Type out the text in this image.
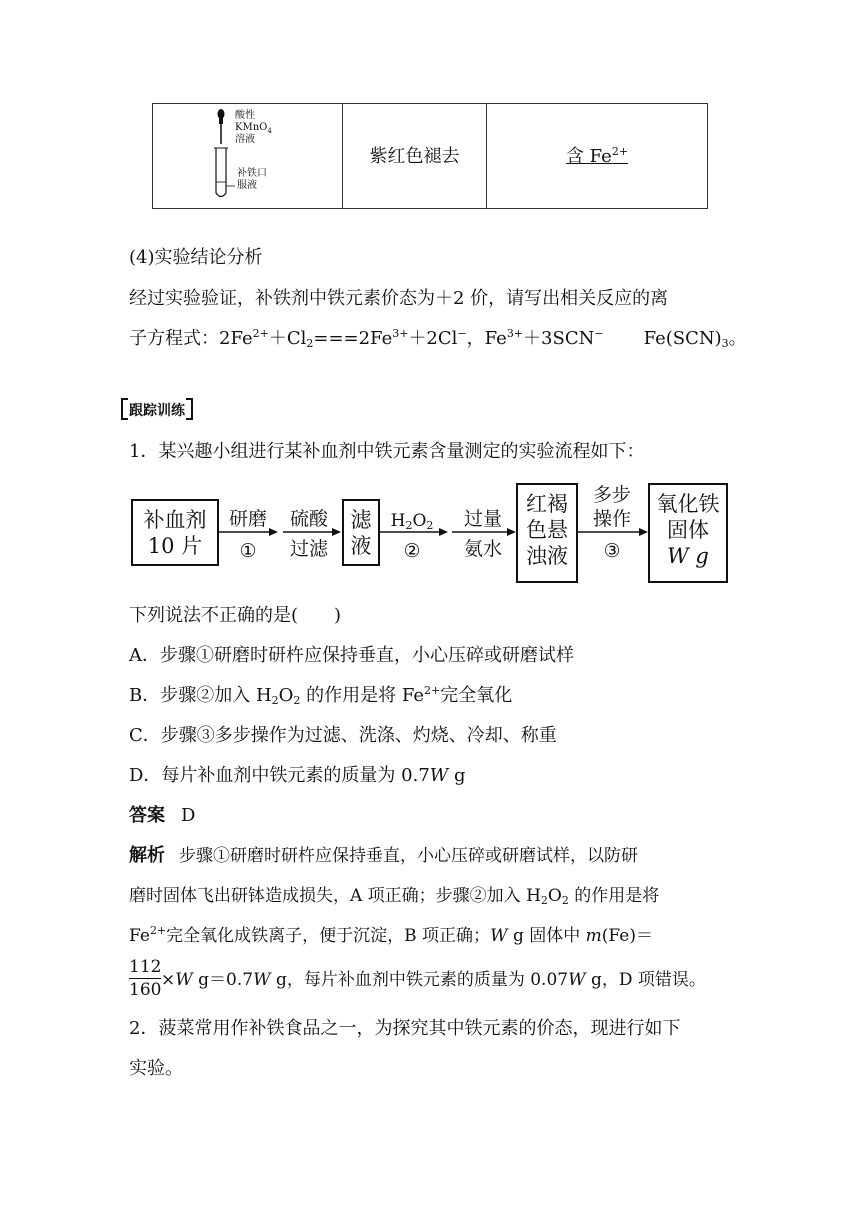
酸性
KMnO$_4$
溶液
补铁口
服液
紫红色褪去	含 $Fe^{2+}$
(4)实验结论分析
经过实验验证，补铁剂中铁元素价态为＋2 价，请写出相关反应的离
子方程式：$2Fe^{2+}+Cl_2===2Fe^{3+}+2Cl^-$，$Fe^{3+}+3SCN^-$ $Fe(SCN)_3$。
跟踪训练
1．某兴趣小组进行某补血剂中铁元素含量测定的实验流程如下：
补血剂
10 片
研磨
①
硫酸
过滤
滤
液
$H_2O_2$
②
过量
氨水
红褐
色悬
浊液
多步
操作
③
氧化铁
固体
W g
下列说法不正确的是(　　)
A．步骤①研磨时研杵应保持垂直，小心压碎或研磨试样
B．步骤②加入 $H_2O_2$ 的作用是将 $Fe^{2+}$完全氧化
C．步骤③多步操作为过滤、洗涤、灼烧、冷却、称重
D．每片补血剂中铁元素的质量为 0.7W g
答案 D
解析 步骤①研磨时研杵应保持垂直，小心压碎或研磨试样，以防研
磨时固体飞出研钵造成损失，A 项正确；步骤②加入 $H_2O_2$ 的作用是将
$Fe^{2+}$完全氧化成铁离子，便于沉淀，B 项正确；W g 固体中 m(Fe)＝
112
160 ×W g＝0.7W g，每片补血剂中铁元素的质量为 0.07W g，D 项错误。
2．菠菜常用作补铁食品之一，为探究其中铁元素的价态，现进行如下
实验。
